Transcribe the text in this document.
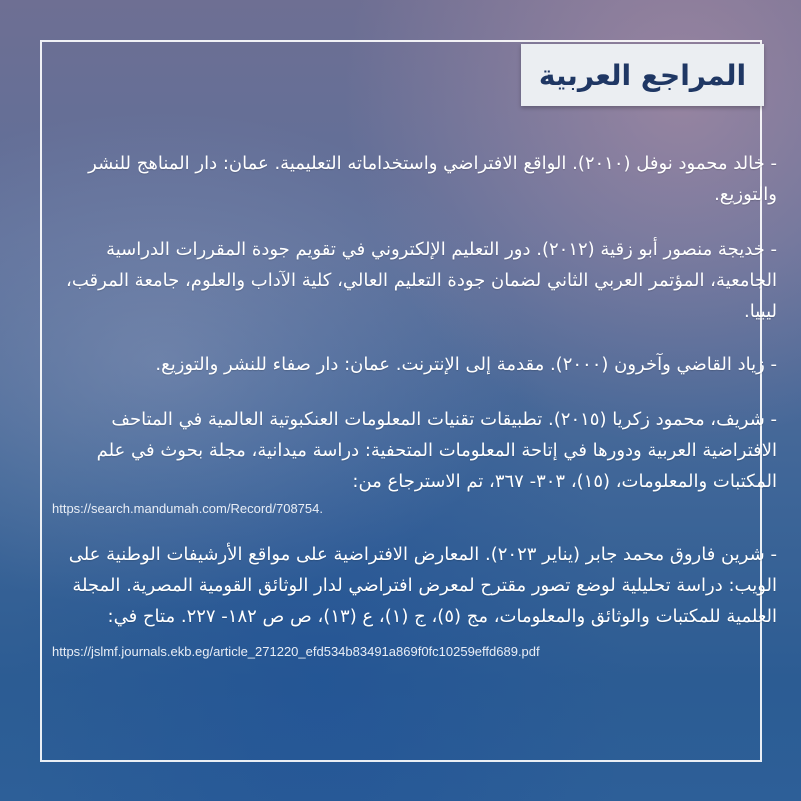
المراجع العربية

- خالد محمود نوفل (٢٠١٠). الواقع الافتراضي واستخداماته التعليمية. عمان: دار المناهج للنشر والتوزيع.

- خديجة منصور أبو زقية (٢٠١٢). دور التعليم الإلكتروني في تقويم جودة المقررات الدراسية الجامعية، المؤتمر العربي الثاني لضمان جودة التعليم العالي، كلية الآداب والعلوم، جامعة المرقب، ليبيا.

- زياد القاضي وآخرون (٢٠٠٠). مقدمة إلى الإنترنت. عمان: دار صفاء للنشر والتوزيع.

- شريف، محمود زكريا (٢٠١٥). تطبيقات تقنيات المعلومات العنكبوتية العالمية في المتاحف الافتراضية العربية ودورها في إتاحة المعلومات المتحفية: دراسة ميدانية، مجلة بحوث في علم المكتبات والمعلومات، (١٥)، ٣٠٣- ٣٦٧، تم الاسترجاع من:

https://search.mandumah.com/Record/708754.

- شرين فاروق محمد جابر (يناير ٢٠٢٣). المعارض الافتراضية على مواقع الأرشيفات الوطنية على الويب: دراسة تحليلية لوضع تصور مقترح لمعرض افتراضي لدار الوثائق القومية المصرية. المجلة العلمية للمكتبات والوثائق والمعلومات، مج (٥)، ج (١)، ع (١٣)، ص ص ١٨٢- ٢٢٧. متاح في:

https://jslmf.journals.ekb.eg/article_271220_efd534b83491a869f0fc10259effd689.pdf
